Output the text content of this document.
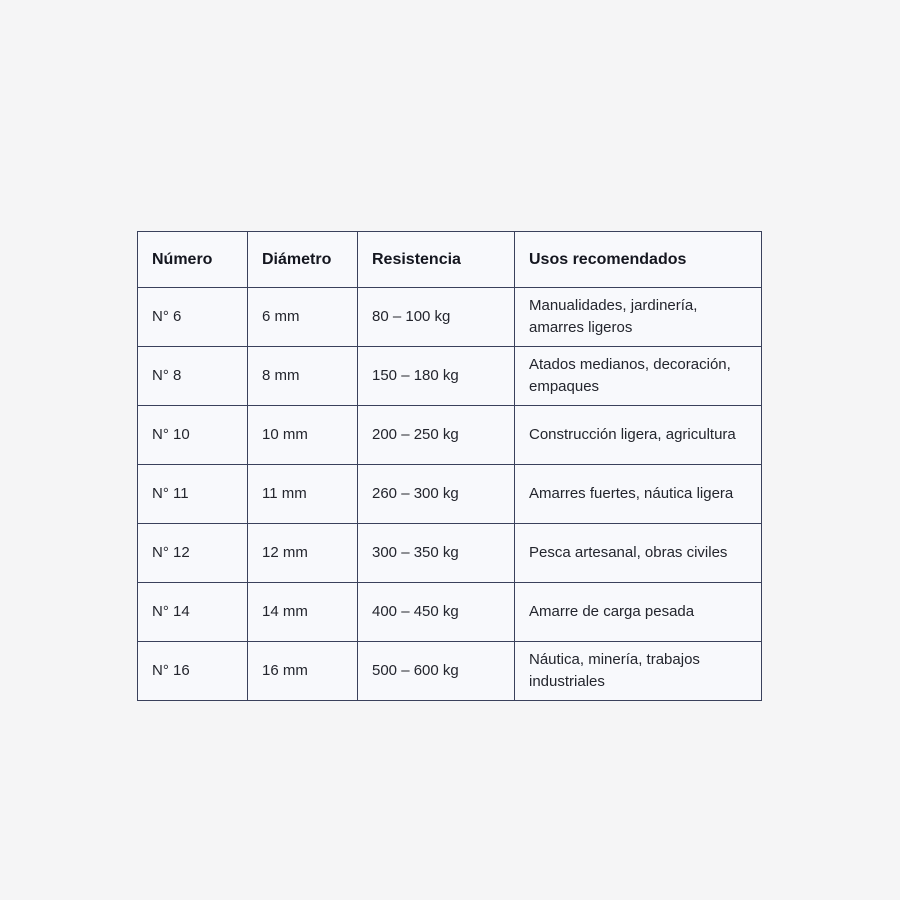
Número	Diámetro	Resistencia	Usos recomendados
N° 6	6 mm	80 – 100 kg	Manualidades, jardinería, amarres ligeros
N° 8	8 mm	150 – 180 kg	Atados medianos, decoración, empaques
N° 10	10 mm	200 – 250 kg	Construcción ligera, agricultura
N° 11	11 mm	260 – 300 kg	Amarres fuertes, náutica ligera
N° 12	12 mm	300 – 350 kg	Pesca artesanal, obras civiles
N° 14	14 mm	400 – 450 kg	Amarre de carga pesada
N° 16	16 mm	500 – 600 kg	Náutica, minería, trabajos industriales
